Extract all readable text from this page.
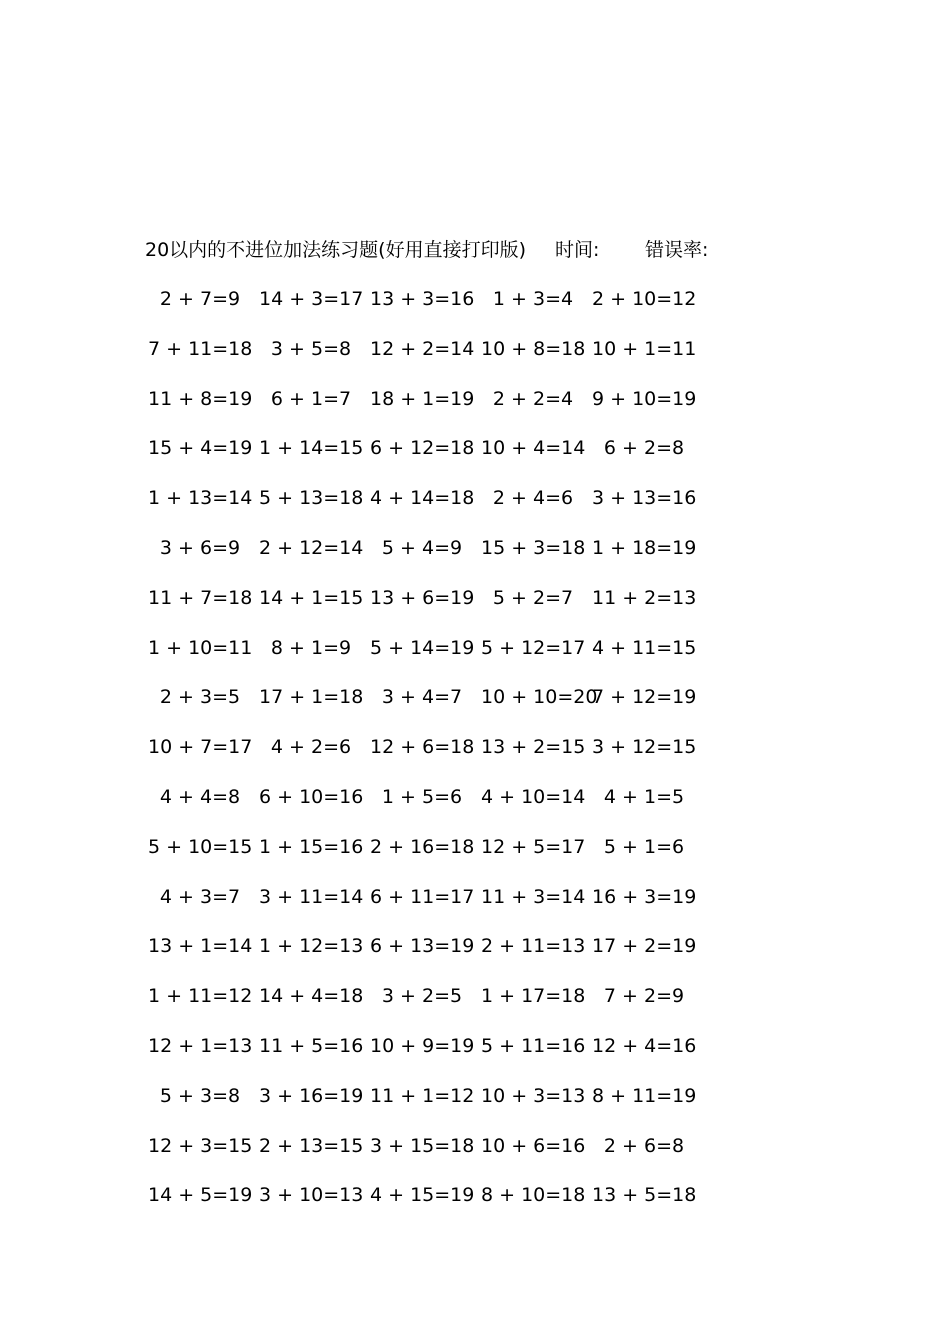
20以内的不进位加法练习题(好用直接打印版) 时间: 错误率:
2 + 7=9 14 + 3=17 13 + 3=16 1 + 3=4 2 + 10=12
7 + 11=18 3 + 5=8 12 + 2=14 10 + 8=18 10 + 1=11
11 + 8=19 6 + 1=7 18 + 1=19 2 + 2=4 9 + 10=19
15 + 4=19 1 + 14=15 6 + 12=18 10 + 4=14 6 + 2=8
1 + 13=14 5 + 13=18 4 + 14=18 2 + 4=6 3 + 13=16
3 + 6=9 2 + 12=14 5 + 4=9 15 + 3=18 1 + 18=19
11 + 7=18 14 + 1=15 13 + 6=19 5 + 2=7 11 + 2=13
1 + 10=11 8 + 1=9 5 + 14=19 5 + 12=17 4 + 11=15
2 + 3=5 17 + 1=18 3 + 4=7 10 + 10=20
7 + 12=19
10 + 7=17 4 + 2=6 12 + 6=18 13 + 2=15 3 + 12=15
4 + 4=8 6 + 10=16 1 + 5=6 4 + 10=14 4 + 1=5
5 + 10=15 1 + 15=16 2 + 16=18 12 + 5=17 5 + 1=6
4 + 3=7 3 + 11=14 6 + 11=17 11 + 3=14 16 + 3=19
13 + 1=14 1 + 12=13 6 + 13=19 2 + 11=13 17 + 2=19
1 + 11=12 14 + 4=18 3 + 2=5 1 + 17=18 7 + 2=9
12 + 1=13 11 + 5=16 10 + 9=19 5 + 11=16 12 + 4=16
5 + 3=8 3 + 16=19 11 + 1=12 10 + 3=13 8 + 11=19
12 + 3=15 2 + 13=15 3 + 15=18 10 + 6=16 2 + 6=8
14 + 5=19 3 + 10=13 4 + 15=19 8 + 10=18 13 + 5=18
